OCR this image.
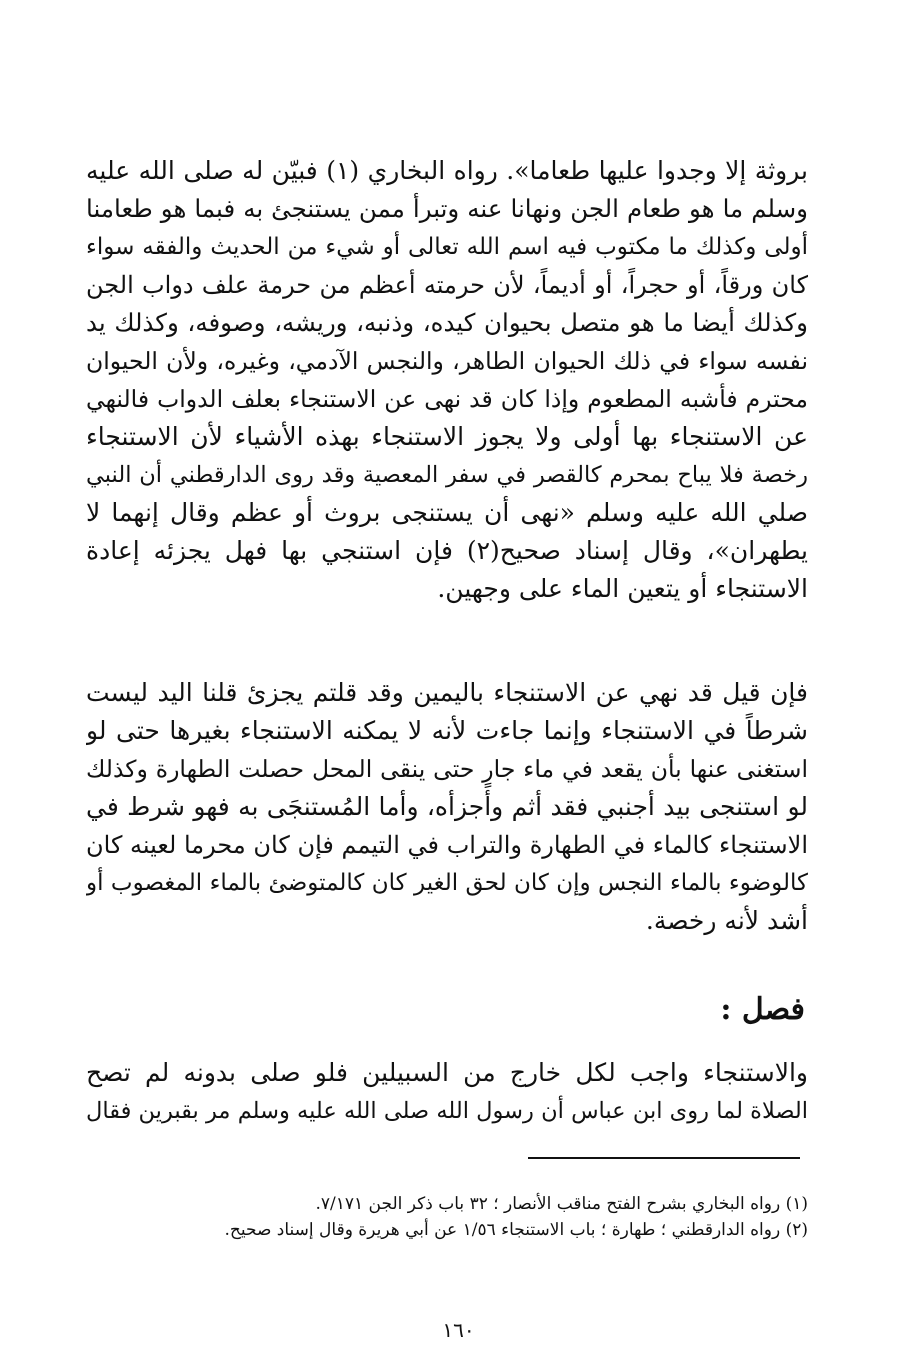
بروثة إلا وجدوا عليها طعاما». رواه البخاري (١) فبيّن له صلى الله عليه
وسلم ما هو طعام الجن ونهانا عنه وتبرأ ممن يستنجئ به فبما هو طعامنا
أولى وكذلك ما مكتوب فيه اسم الله تعالى أو شيء من الحديث والفقه سواء
كان ورقاً، أو حجراً، أو أديماً، لأن حرمته أعظم من حرمة علف دواب الجن
وكذلك أيضا ما هو متصل بحيوان كيده، وذنبه، وريشه، وصوفه، وكذلك يد
نفسه سواء في ذلك الحيوان الطاهر، والنجس الآدمي، وغيره، ولأن الحيوان
محترم فأشبه المطعوم وإذا كان قد نهى عن الاستنجاء بعلف الدواب فالنهي
عن الاستنجاء بها أولى ولا يجوز الاستنجاء بهذه الأشياء لأن الاستنجاء
رخصة فلا يباح بمحرم كالقصر في سفر المعصية وقد روى الدارقطني أن النبي
صلي الله عليه وسلم «نهى أن يستنجى بروث أو عظم وقال إنهما لا
يطهران»، وقال إسناد صحيح(٢) فإن استنجي بها فهل يجزئه إعادة
الاستنجاء أو يتعين الماء على وجهين.
فإن قيل قد نهي عن الاستنجاء باليمين وقد قلتم يجزئ قلنا اليد ليست
شرطاً في الاستنجاء وإنما جاءت لأنه لا يمكنه الاستنجاء بغيرها حتى لو
استغنى عنها بأن يقعد في ماء جارٍ حتى ينقى المحل حصلت الطهارة وكذلك
لو استنجى بيد أجنبي فقد أثم وأجزأه، وأما المُستنجَى به فهو شرط في
الاستنجاء كالماء في الطهارة والتراب في التيمم فإن كان محرما لعينه كان
كالوضوء بالماء النجس وإن كان لحق الغير كان كالمتوضئ بالماء المغصوب أو
أشد لأنه رخصة.
فصل :
والاستنجاء واجب لكل خارج من السبيلين فلو صلى بدونه لم تصح
الصلاة لما روى ابن عباس أن رسول الله صلى الله عليه وسلم مر بقبرين فقال
(١) رواه البخاري بشرح الفتح مناقب الأنصار ؛ ٣٢ باب ذكر الجن ٧/١٧١.
(٢) رواه الدارقطني ؛ طهارة ؛ باب الاستنجاء ١/٥٦ عن أبي هريرة وقال إسناد صحيح.
١٦٠
